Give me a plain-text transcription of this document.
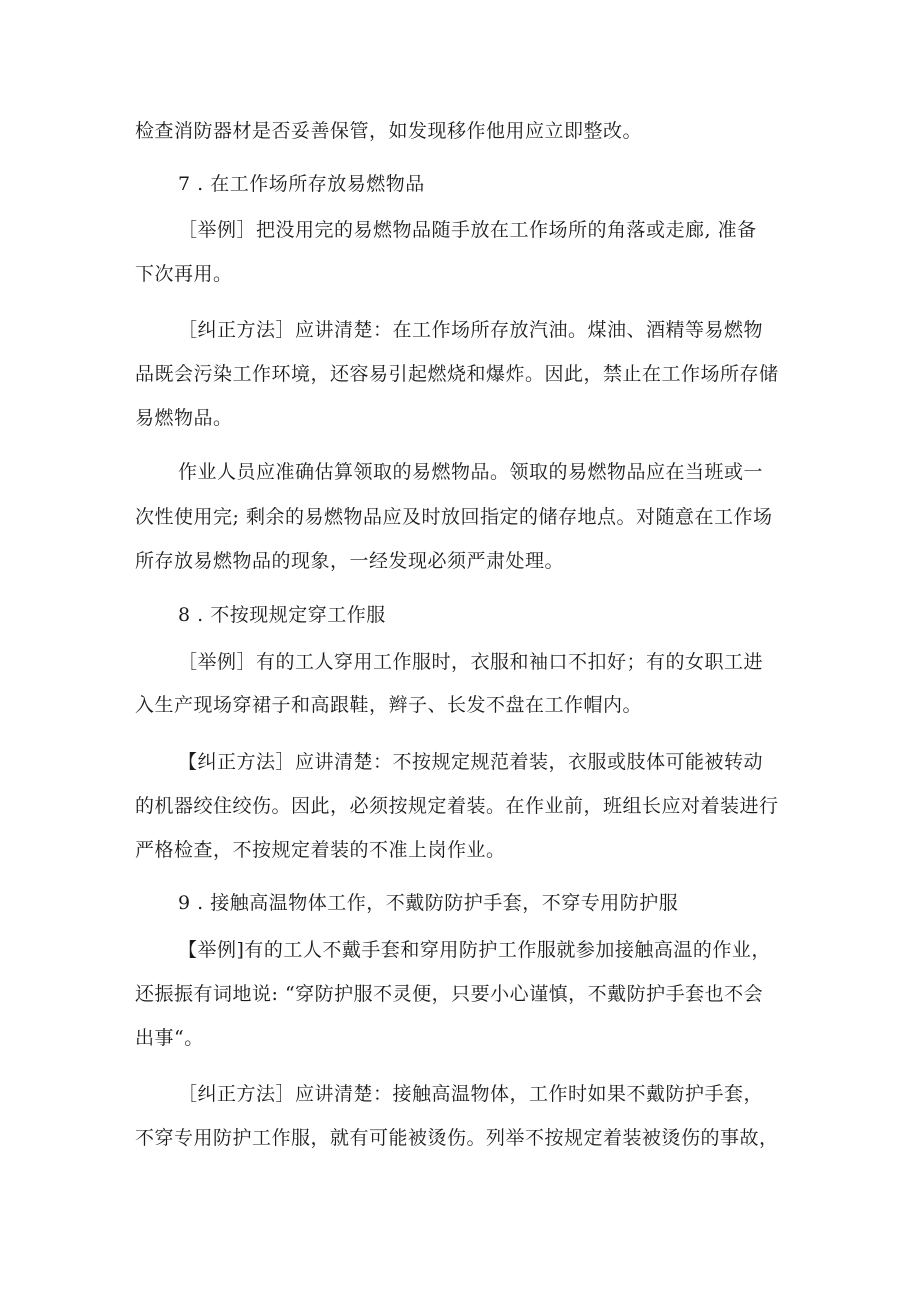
检查消防器材是否妥善保管，如发现移作他用应立即整改。
7 . 在工作场所存放易燃物品
［举例］把没用完的易燃物品随手放在工作场所的角落或走廊, 准备
下次再用。
［纠正方法］应讲清楚：在工作场所存放汽油。煤油、酒精等易燃物
品既会污染工作环境，还容易引起燃烧和爆炸。因此，禁止在工作场所存储
易燃物品。
作业人员应准确估算领取的易燃物品。领取的易燃物品应在当班或一
次性使用完; 剩余的易燃物品应及时放回指定的储存地点。对随意在工作场
所存放易燃物品的现象，一经发现必须严肃处理。
8 . 不按现规定穿工作服
［举例］有的工人穿用工作服时，衣服和袖口不扣好；有的女职工进
入生产现场穿裙子和高跟鞋，辫子、长发不盘在工作帽内。
【纠正方法］应讲清楚：不按规定规范着装，衣服或肢体可能被转动
的机器绞住绞伤。因此，必须按规定着装。在作业前，班组长应对着装进行
严格检查，不按规定着装的不准上岗作业。
9 . 接触高温物体工作，不戴防防护手套，不穿专用防护服
【举例]有的工人不戴手套和穿用防护工作服就参加接触高温的作业，
还振振有词地说: “穿防护服不灵便，只要小心谨慎，不戴防护手套也不会
出事“。
［纠正方法］应讲清楚：接触高温物体，工作时如果不戴防护手套，
不穿专用防护工作服，就有可能被烫伤。列举不按规定着装被烫伤的事故，
